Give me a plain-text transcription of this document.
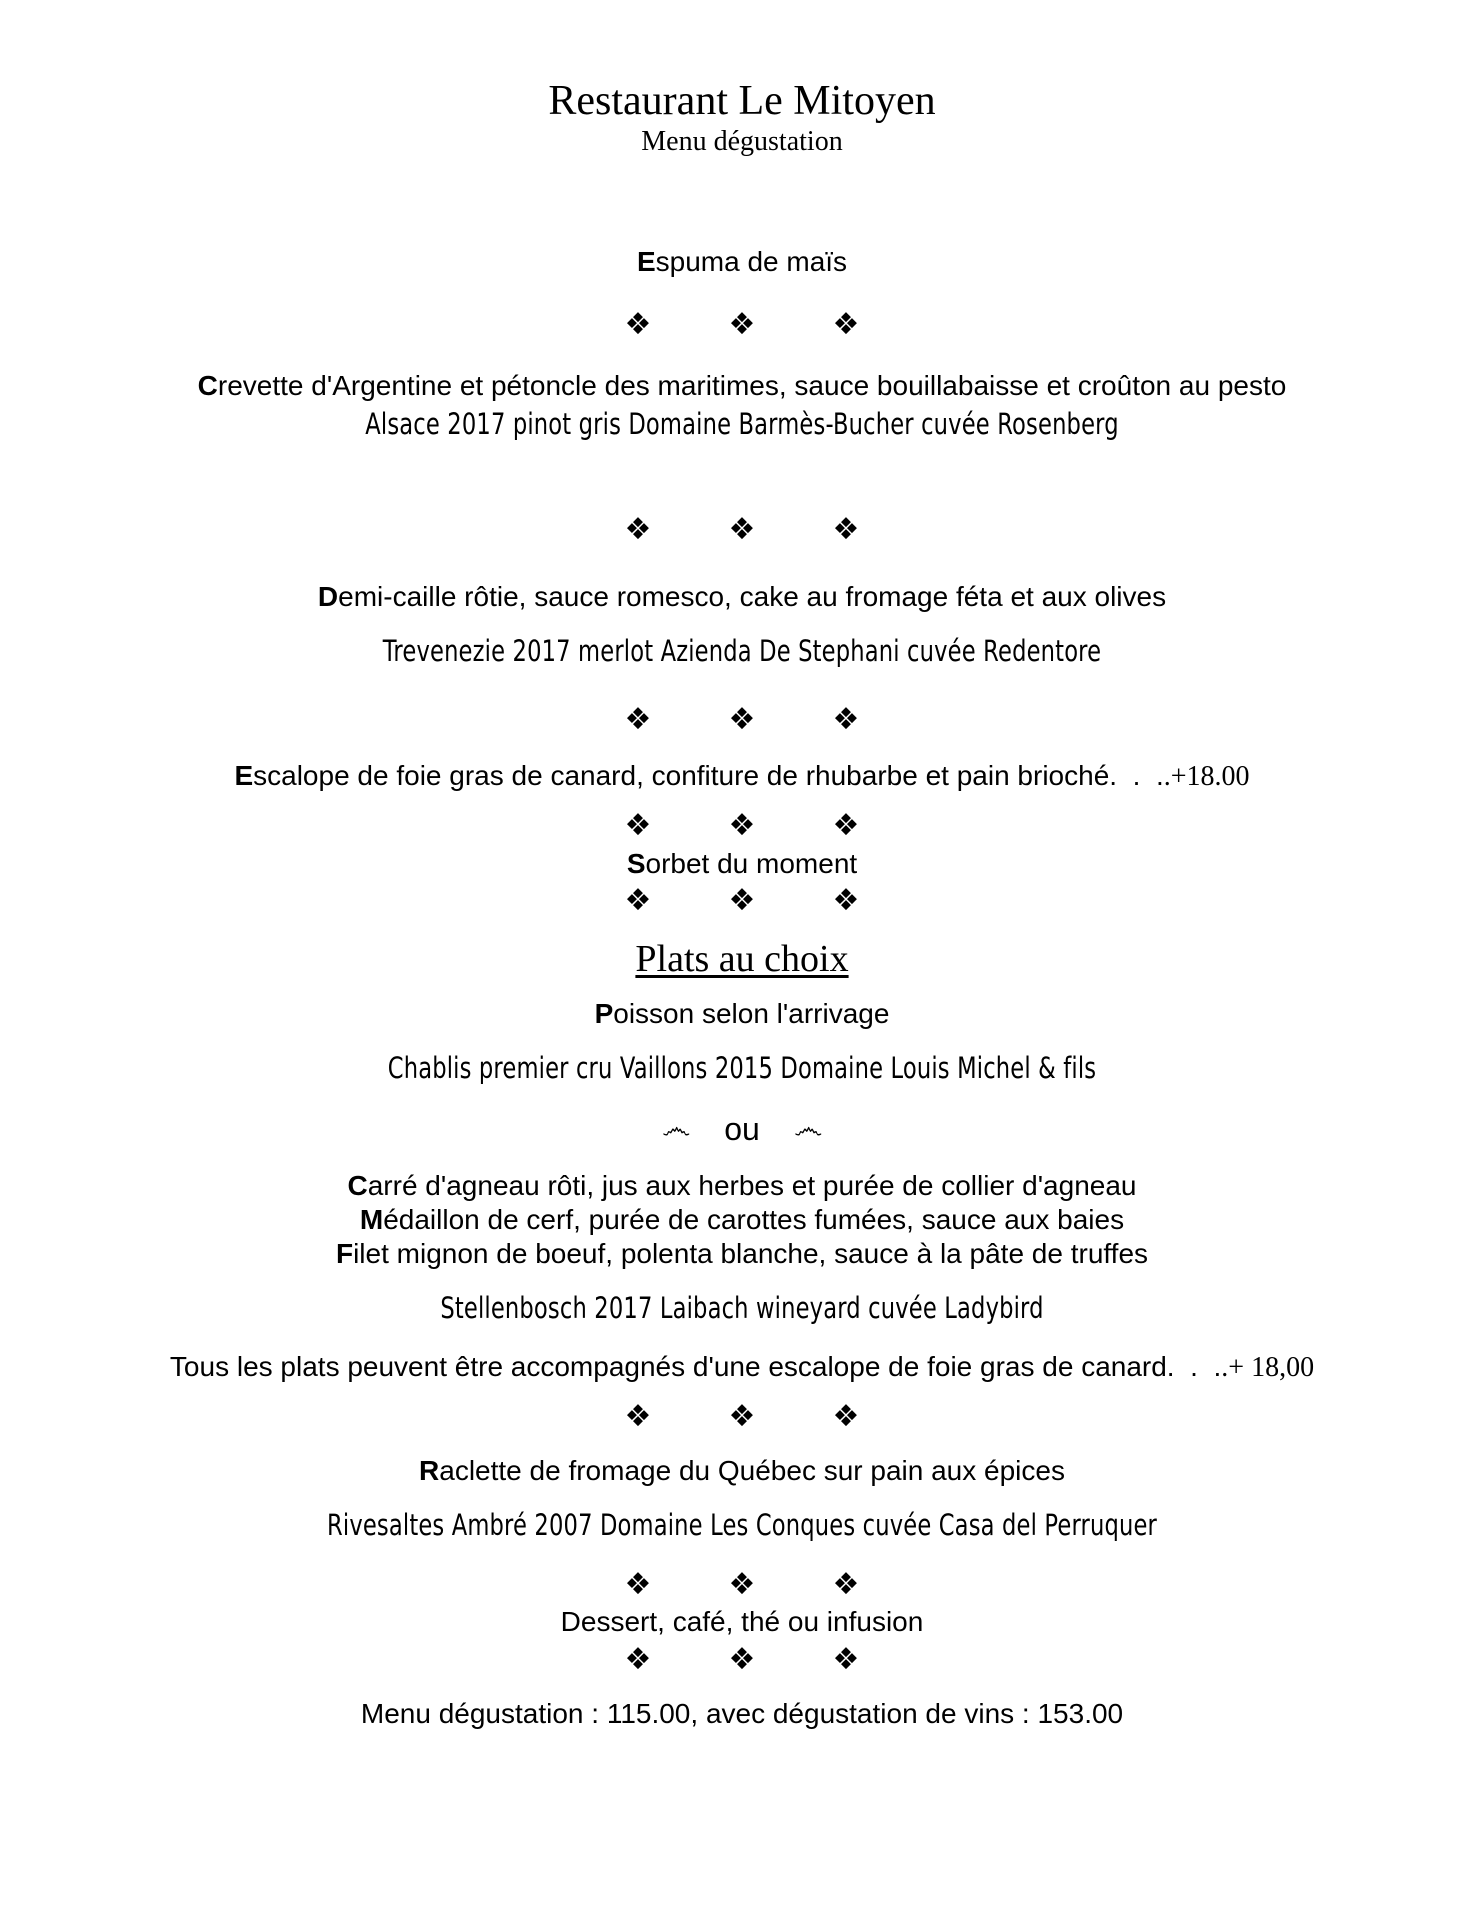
Restaurant Le Mitoyen
Menu dégustation
Espuma de maïs
❖	❖	❖
Crevette d'Argentine et pétoncle des maritimes, sauce bouillabaisse et croûton au pesto
Alsace 2017 pinot gris Domaine Barmès-Bucher cuvée Rosenberg
❖	❖	❖
Demi-caille rôtie, sauce romesco, cake au fromage féta et aux olives
Trevenezie 2017 merlot Azienda De Stephani cuvée Redentore
❖	❖	❖
Escalope de foie gras de canard, confiture de rhubarbe et pain brioché.  .  ..+18.00
❖	❖	❖
Sorbet du moment
❖	❖	❖
Plats au choix
Poisson selon l'arrivage
Chablis premier cru Vaillons 2015 Domaine Louis Michel & fils
෴ ou ෴
Carré d'agneau rôti, jus aux herbes et purée de collier d'agneau
Médaillon de cerf, purée de carottes fumées, sauce aux baies
Filet mignon de boeuf, polenta blanche, sauce à la pâte de truffes
Stellenbosch 2017 Laibach wineyard cuvée Ladybird
Tous les plats peuvent être accompagnés d'une escalope de foie gras de canard.  .  ..+ 18,00
❖	❖	❖
Raclette de fromage du Québec sur pain aux épices
Rivesaltes Ambré 2007 Domaine Les Conques cuvée Casa del Perruquer
❖	❖	❖
Dessert, café, thé ou infusion
❖	❖	❖
Menu dégustation : 115.00, avec dégustation de vins : 153.00
